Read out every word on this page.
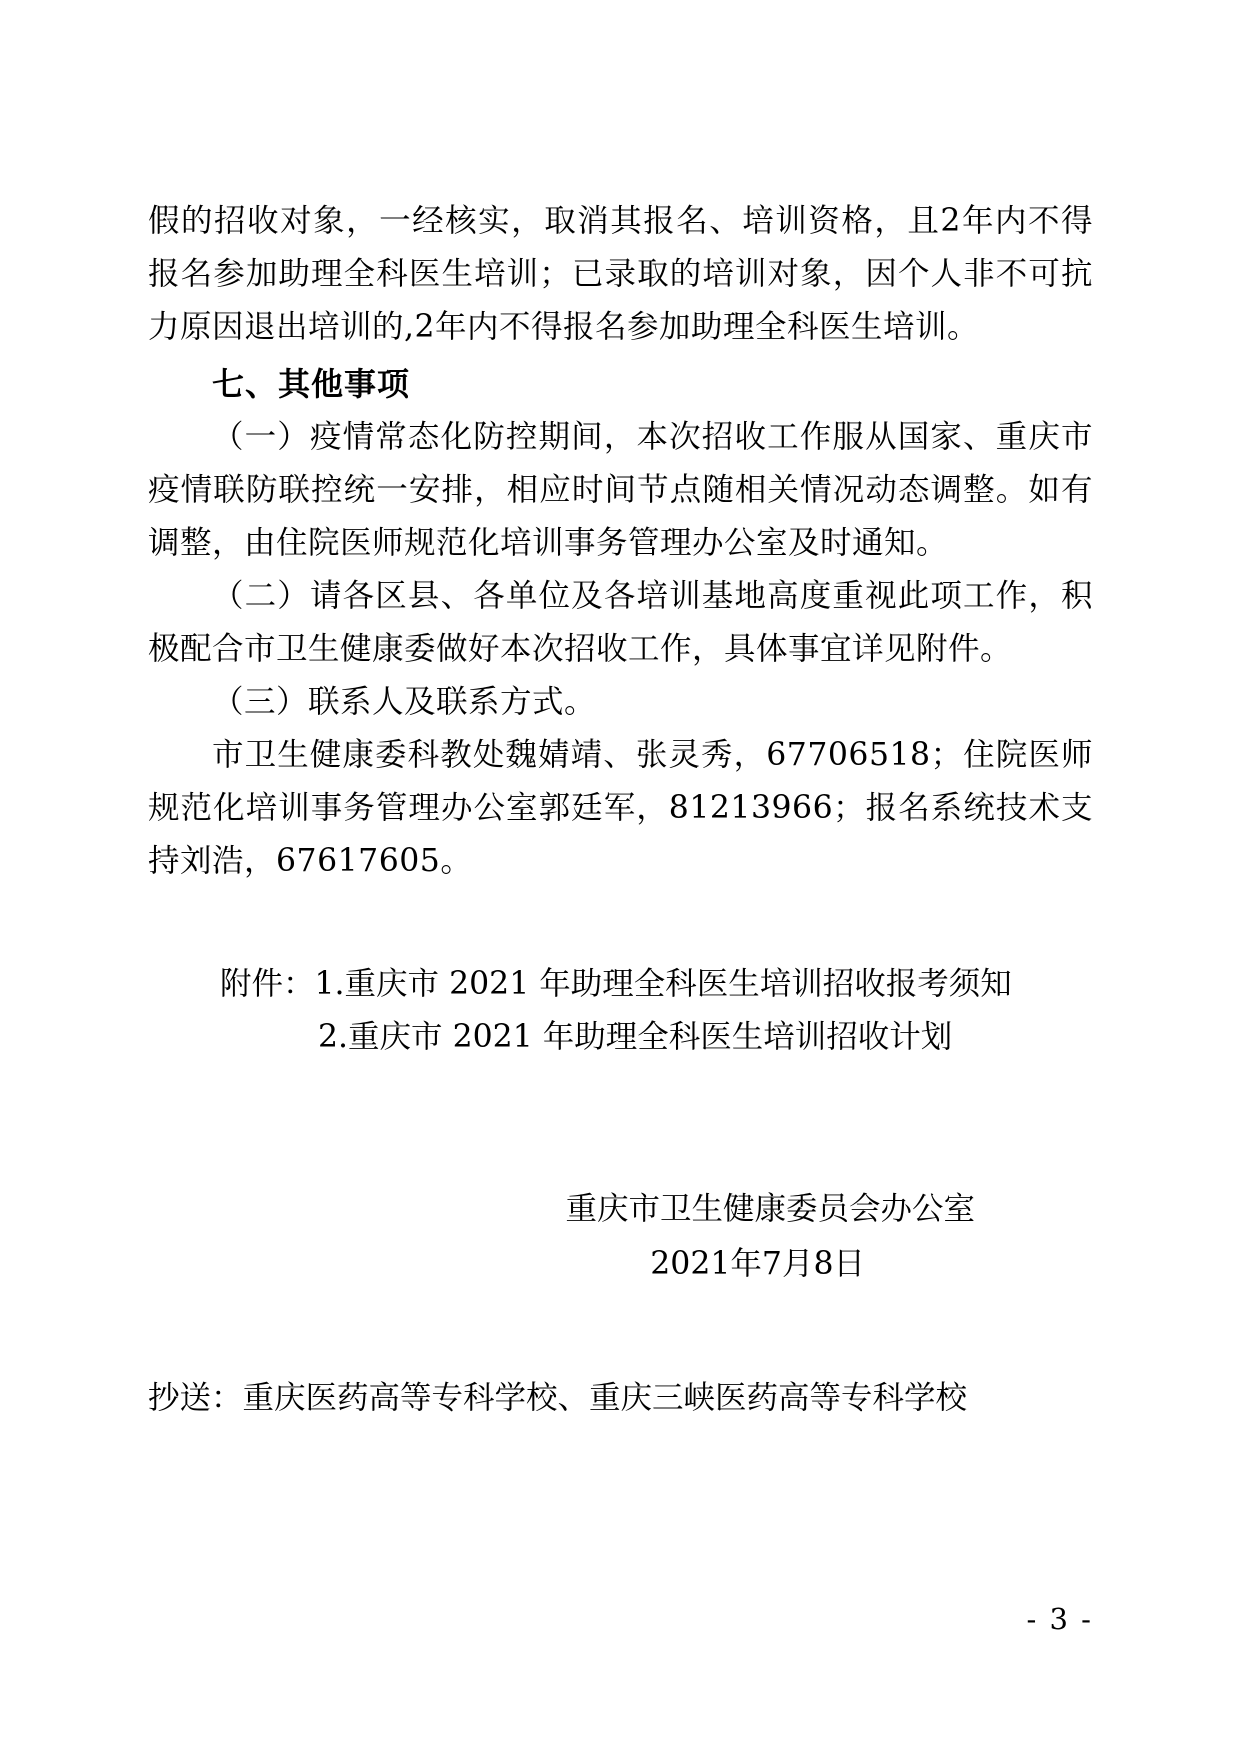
假的招收对象，一经核实，取消其报名、培训资格，且2年内不得报名参加助理全科医生培训；已录取的培训对象，因个人非不可抗力原因退出培训的,2年内不得报名参加助理全科医生培训。

七、其他事项

（一）疫情常态化防控期间，本次招收工作服从国家、重庆市疫情联防联控统一安排，相应时间节点随相关情况动态调整。如有调整，由住院医师规范化培训事务管理办公室及时通知。

（二）请各区县、各单位及各培训基地高度重视此项工作，积极配合市卫生健康委做好本次招收工作，具体事宜详见附件。

（三）联系人及联系方式。

市卫生健康委科教处魏婧靖、张灵秀，67706518；住院医师规范化培训事务管理办公室郭廷军，81213966；报名系统技术支持刘浩，67617605。

附件：1.重庆市 2021 年助理全科医生培训招收报考须知

2.重庆市 2021 年助理全科医生培训招收计划

重庆市卫生健康委员会办公室
2021年7月8日

抄送：重庆医药高等专科学校、重庆三峡医药高等专科学校

- 3 -
